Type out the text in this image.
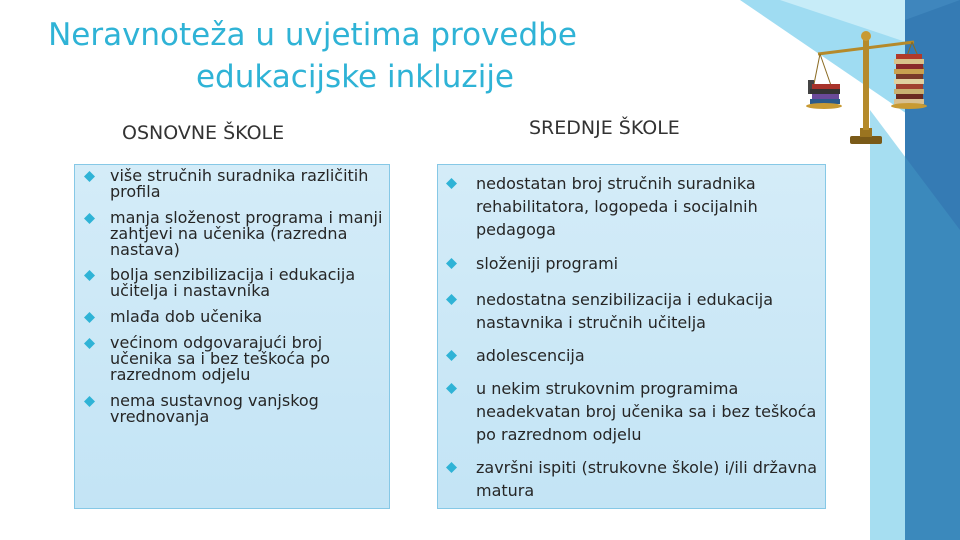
Neravnoteža u uvjetima provedbe
edukacijske inkluzije
OSNOVNE ŠKOLE	SREDNJE ŠKOLE
više stručnih suradnika različitih profila
manja složenost programa i manji zahtjevi na učenika (razredna nastava)
bolja senzibilizacija i edukacija učitelja i nastavnika
mlađa dob učenika
većinom odgovarajući broj učenika sa i bez teškoća po razrednom odjelu
nema sustavnog vanjskog vrednovanja
nedostatan broj stručnih suradnika rehabilitatora, logopeda i socijalnih pedagoga
složeniji programi
nedostatna senzibilizacija i edukacija nastavnika i stručnih učitelja
adolescencija
u nekim strukovnim programima neadekvatan broj učenika sa i bez teškoća po razrednom odjelu
završni ispiti (strukovne škole) i/ili državna matura
